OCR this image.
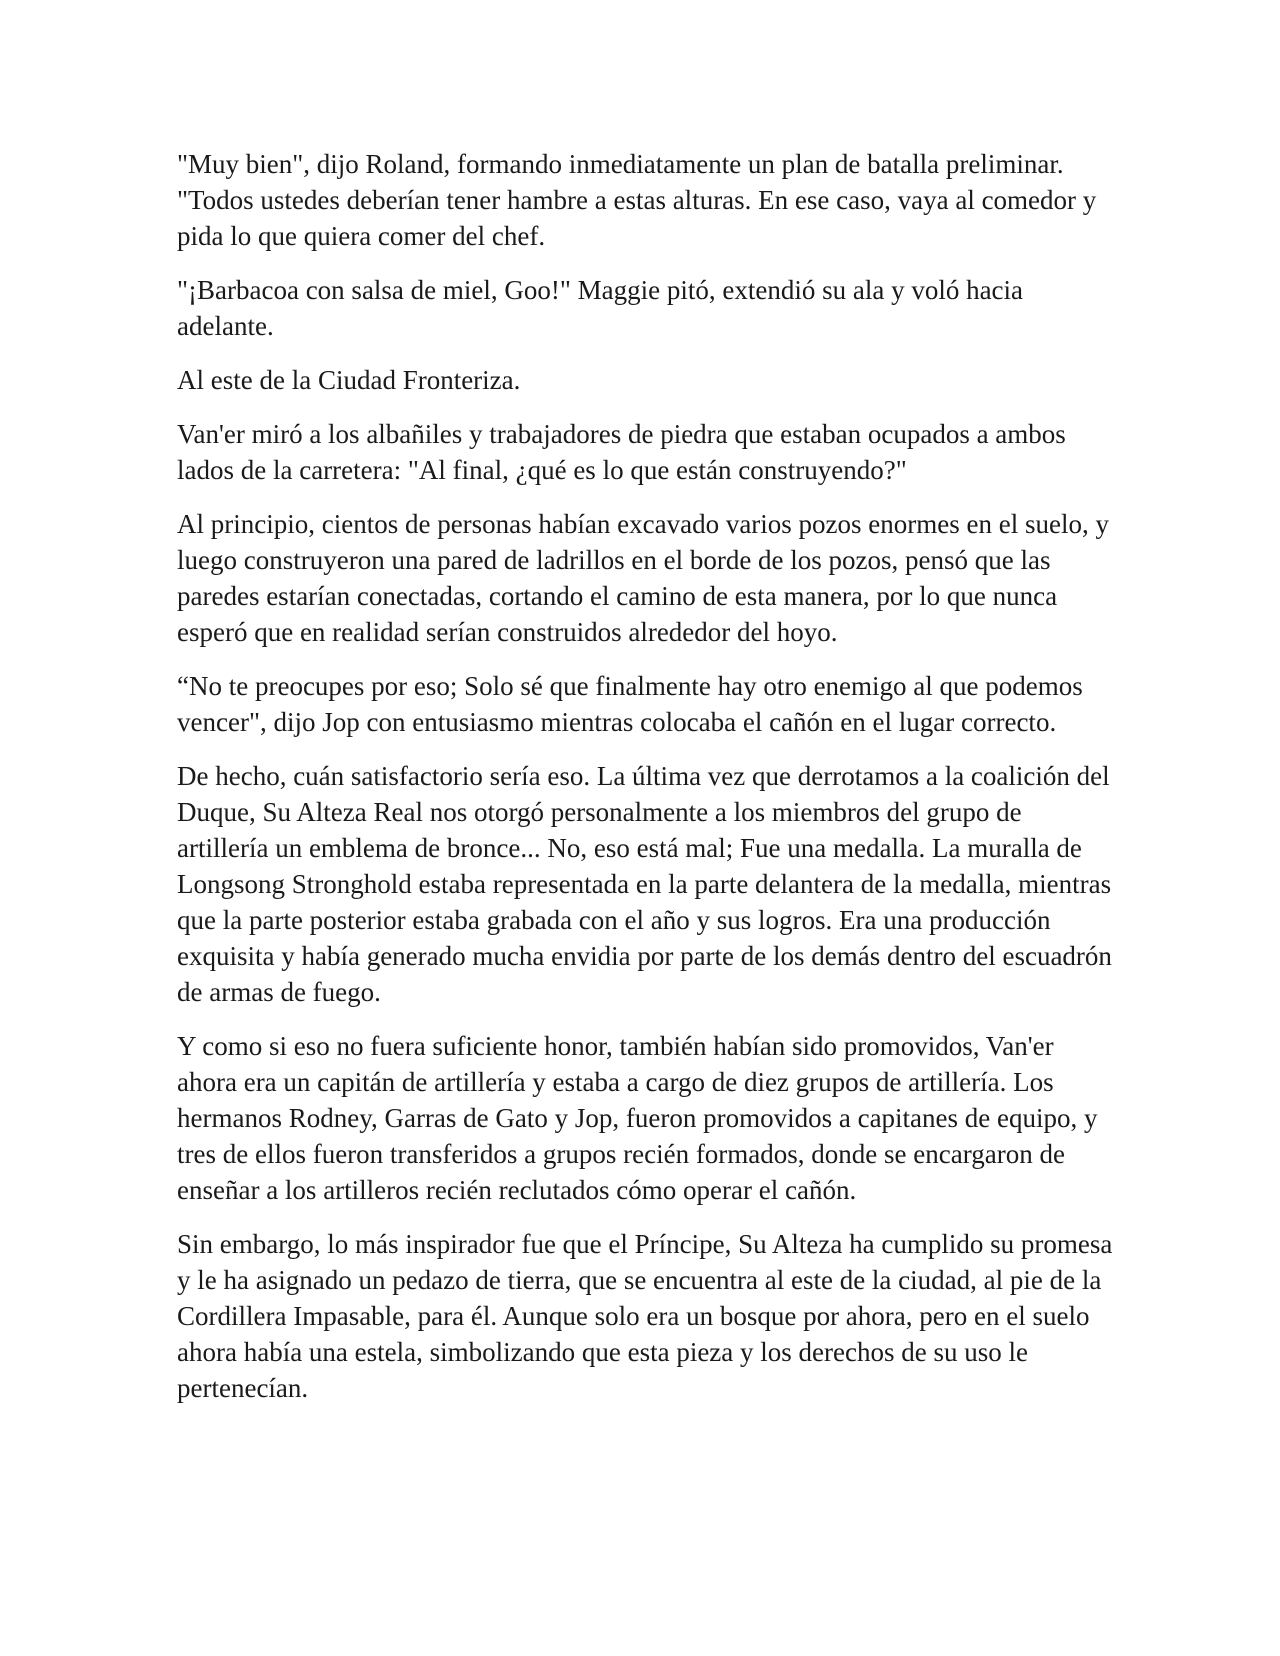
"Muy bien", dijo Roland, formando inmediatamente un plan de batalla preliminar. "Todos ustedes deberían tener hambre a estas alturas. En ese caso, vaya al comedor y pida lo que quiera comer del chef.

"¡Barbacoa con salsa de miel, Goo!" Maggie pitó, extendió su ala y voló hacia adelante.

Al este de la Ciudad Fronteriza.

Van'er miró a los albañiles y trabajadores de piedra que estaban ocupados a ambos lados de la carretera: "Al final, ¿qué es lo que están construyendo?"

Al principio, cientos de personas habían excavado varios pozos enormes en el suelo, y luego construyeron una pared de ladrillos en el borde de los pozos, pensó que las paredes estarían conectadas, cortando el camino de esta manera, por lo que nunca esperó que en realidad serían construidos alrededor del hoyo.

“No te preocupes por eso; Solo sé que finalmente hay otro enemigo al que podemos vencer", dijo Jop con entusiasmo mientras colocaba el cañón en el lugar correcto.

De hecho, cuán satisfactorio sería eso. La última vez que derrotamos a la coalición del Duque, Su Alteza Real nos otorgó personalmente a los miembros del grupo de artillería un emblema de bronce... No, eso está mal; Fue una medalla. La muralla de Longsong Stronghold estaba representada en la parte delantera de la medalla, mientras que la parte posterior estaba grabada con el año y sus logros. Era una producción exquisita y había generado mucha envidia por parte de los demás dentro del escuadrón de armas de fuego.

Y como si eso no fuera suficiente honor, también habían sido promovidos, Van'er ahora era un capitán de artillería y estaba a cargo de diez grupos de artillería. Los hermanos Rodney, Garras de Gato y Jop, fueron promovidos a capitanes de equipo, y tres de ellos fueron transferidos a grupos recién formados, donde se encargaron de enseñar a los artilleros recién reclutados cómo operar el cañón.

Sin embargo, lo más inspirador fue que el Príncipe, Su Alteza ha cumplido su promesa y le ha asignado un pedazo de tierra, que se encuentra al este de la ciudad, al pie de la Cordillera Impasable, para él. Aunque solo era un bosque por ahora, pero en el suelo ahora había una estela, simbolizando que esta pieza y los derechos de su uso le pertenecían.
